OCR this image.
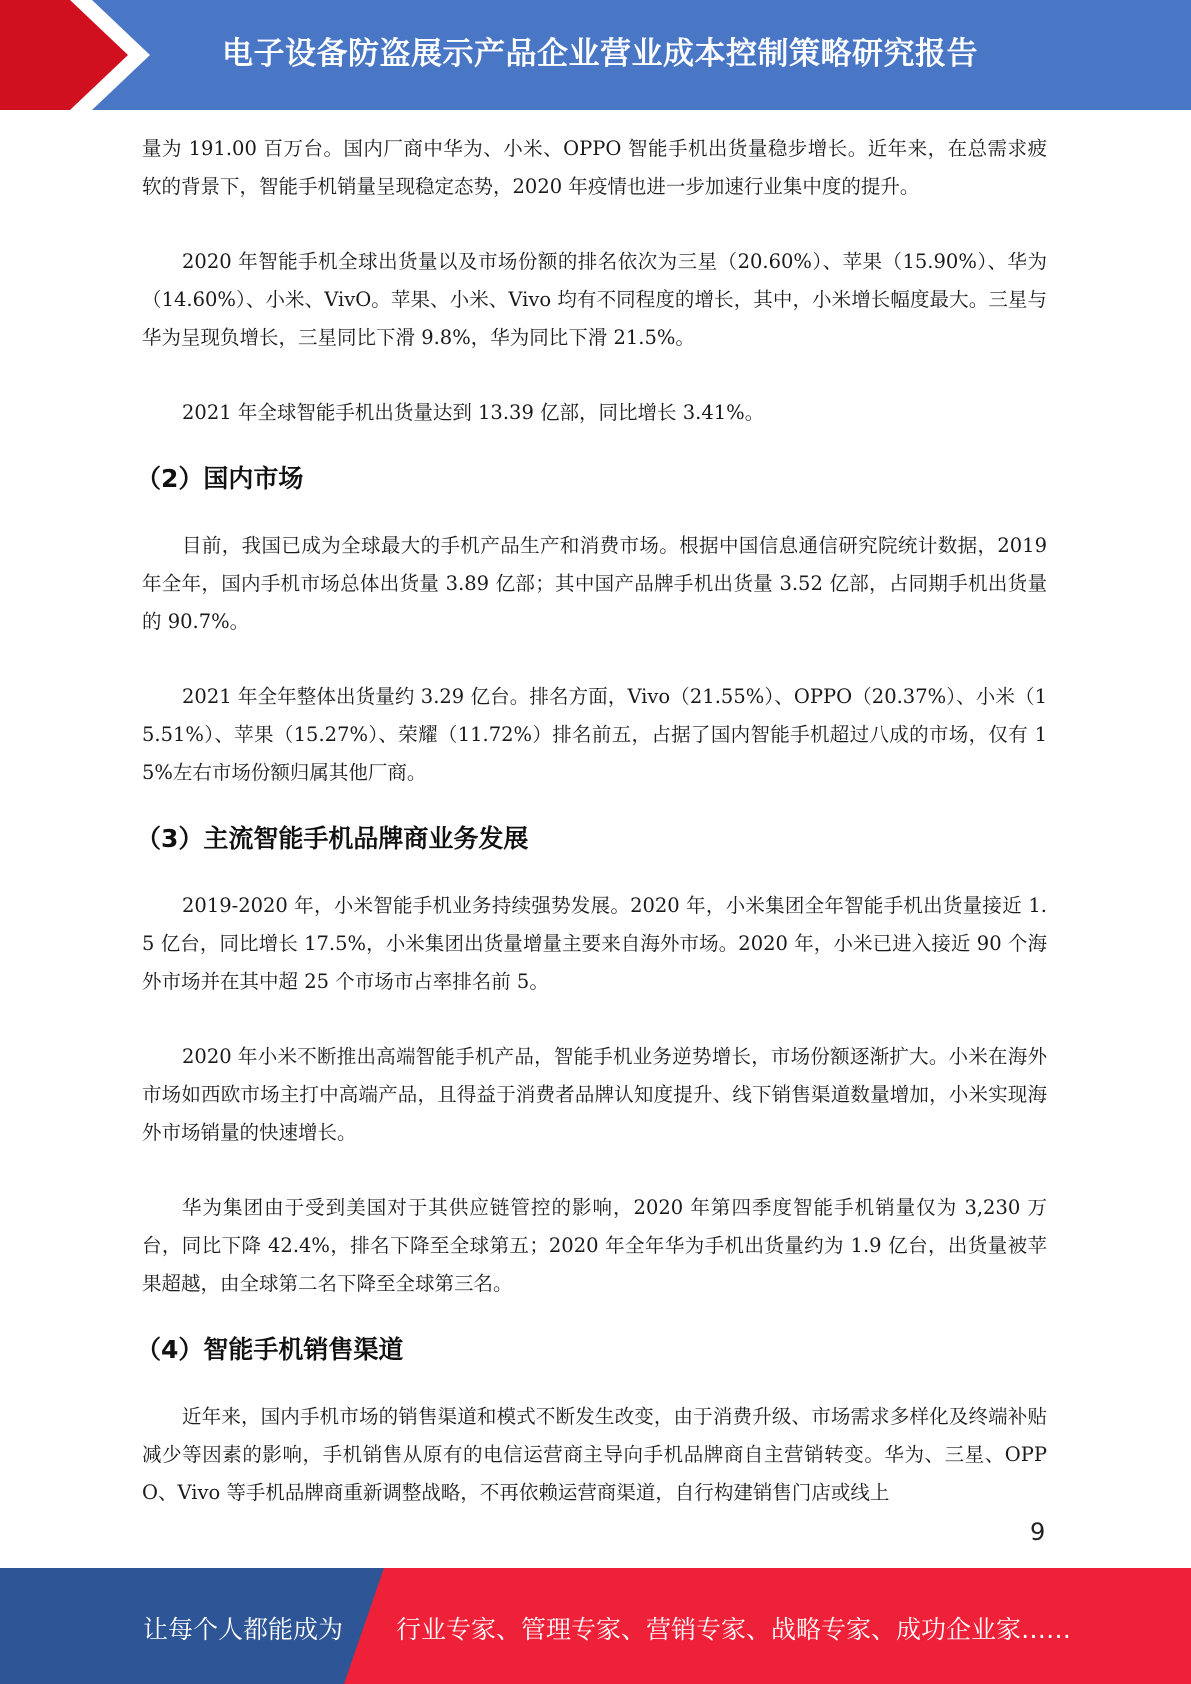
电子设备防盗展示产品企业营业成本控制策略研究报告

量为 191.00 百万台。国内厂商中华为、小米、OPPO 智能手机出货量稳步增长。近年来，在总需求疲软的背景下，智能手机销量呈现稳定态势，2020 年疫情也进一步加速行业集中度的提升。

2020 年智能手机全球出货量以及市场份额的排名依次为三星（20.60%）、苹果（15.90%）、华为（14.60%）、小米、VivO。苹果、小米、Vivo 均有不同程度的增长，其中，小米增长幅度最大。三星与华为呈现负增长，三星同比下滑 9.8%，华为同比下滑 21.5%。

2021 年全球智能手机出货量达到 13.39 亿部，同比增长 3.41%。

（2）国内市场

目前，我国已成为全球最大的手机产品生产和消费市场。根据中国信息通信研究院统计数据，2019 年全年，国内手机市场总体出货量 3.89 亿部；其中国产品牌手机出货量 3.52 亿部，占同期手机出货量的 90.7%。

2021 年全年整体出货量约 3.29 亿台。排名方面，Vivo（21.55%）、OPPO（20.37%）、小米（15.51%）、苹果（15.27%）、荣耀（11.72%）排名前五，占据了国内智能手机超过八成的市场，仅有 15%左右市场份额归属其他厂商。

（3）主流智能手机品牌商业务发展

2019-2020 年，小米智能手机业务持续强势发展。2020 年，小米集团全年智能手机出货量接近 1.5 亿台，同比增长 17.5%，小米集团出货量增量主要来自海外市场。2020 年，小米已进入接近 90 个海外市场并在其中超 25 个市场市占率排名前 5。

2020 年小米不断推出高端智能手机产品，智能手机业务逆势增长，市场份额逐渐扩大。小米在海外市场如西欧市场主打中高端产品，且得益于消费者品牌认知度提升、线下销售渠道数量增加，小米实现海外市场销量的快速增长。

华为集团由于受到美国对于其供应链管控的影响，2020 年第四季度智能手机销量仅为 3,230 万台，同比下降 42.4%，排名下降至全球第五；2020 年全年华为手机出货量约为 1.9 亿台，出货量被苹果超越，由全球第二名下降至全球第三名。

（4）智能手机销售渠道

近年来，国内手机市场的销售渠道和模式不断发生改变，由于消费升级、市场需求多样化及终端补贴减少等因素的影响，手机销售从原有的电信运营商主导向手机品牌商自主营销转变。华为、三星、OPPO、Vivo 等手机品牌商重新调整战略，不再依赖运营商渠道，自行构建销售门店或线上

9
让每个人都能成为 行业专家、管理专家、营销专家、战略专家、成功企业家……
